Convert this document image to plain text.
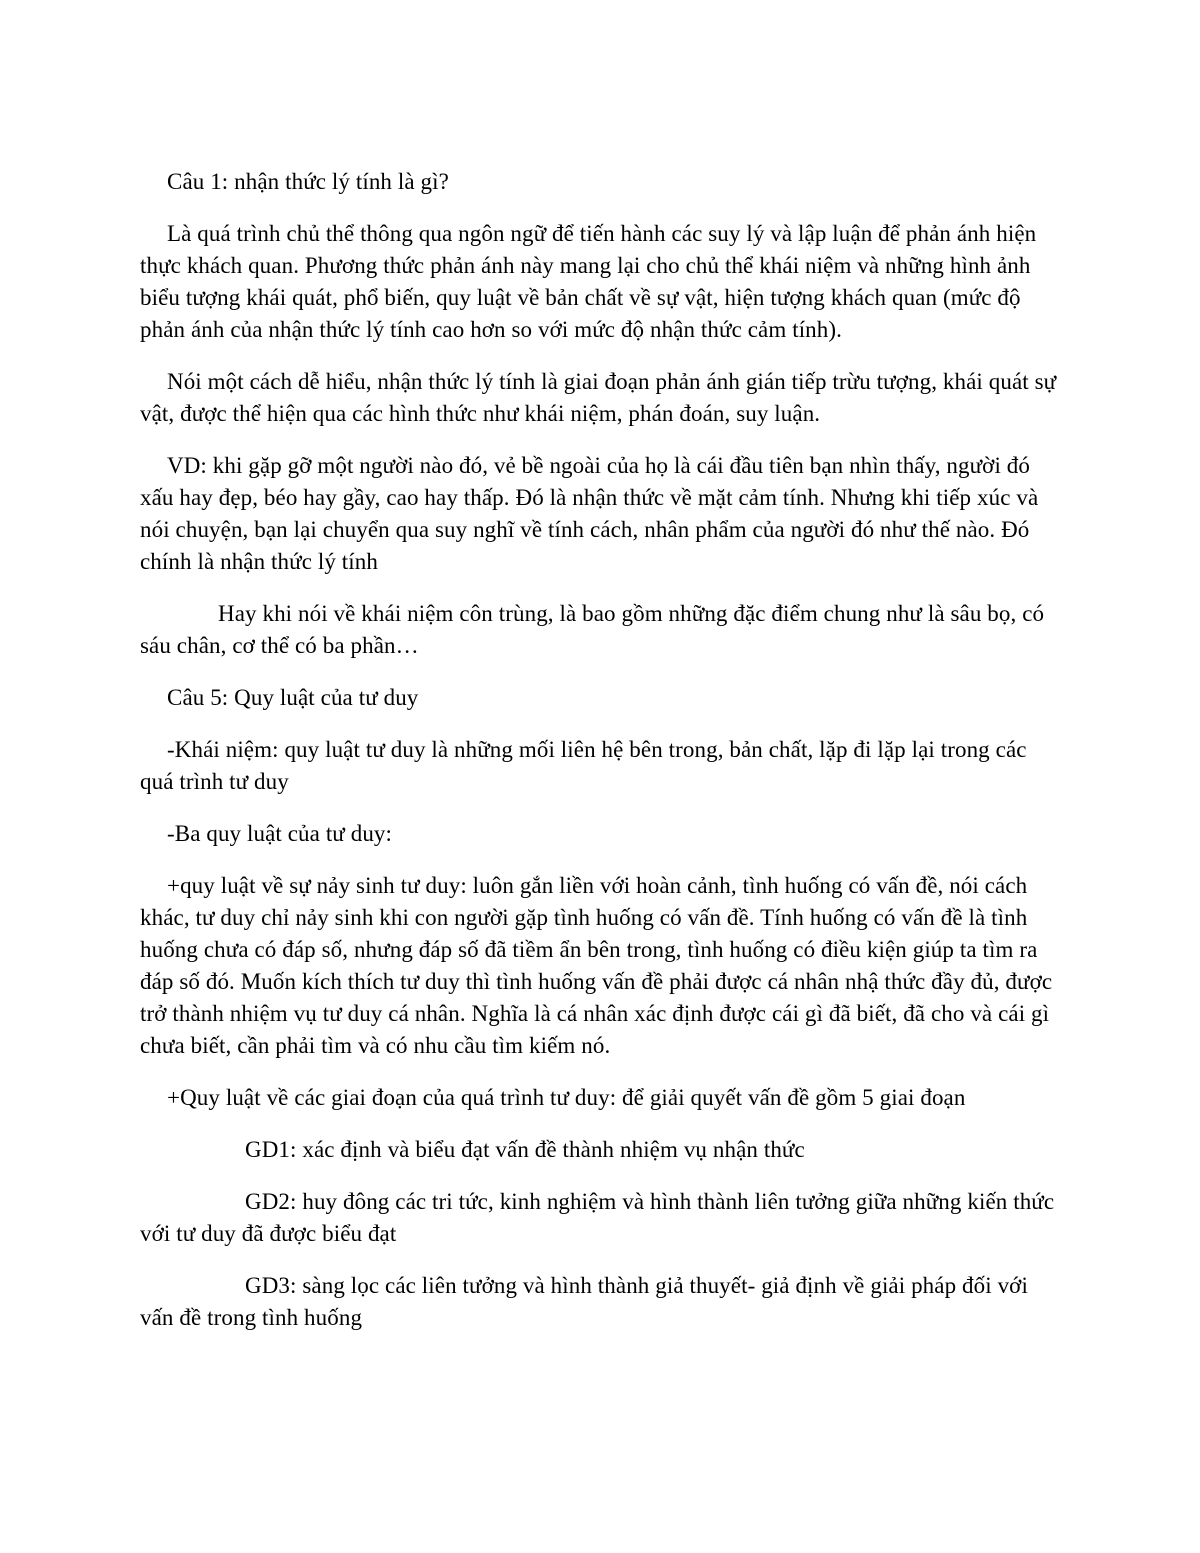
Câu 1: nhận thức lý tính là gì?

Là quá trình chủ thể thông qua ngôn ngữ để tiến hành các suy lý và lập luận để phản ánh hiện thực khách quan. Phương thức phản ánh này mang lại cho chủ thể khái niệm và những hình ảnh biểu tượng khái quát, phổ biến, quy luật về bản chất về sự vật, hiện tượng khách quan (mức độ phản ánh của nhận thức lý tính cao hơn so với mức độ nhận thức cảm tính).

Nói một cách dễ hiểu, nhận thức lý tính là giai đoạn phản ánh gián tiếp trừu tượng, khái quát sự vật, được thể hiện qua các hình thức như khái niệm, phán đoán, suy luận.

VD: khi gặp gỡ một người nào đó, vẻ bề ngoài của họ là cái đầu tiên bạn nhìn thấy, người đó xấu hay đẹp, béo hay gầy, cao hay thấp. Đó là nhận thức về mặt cảm tính. Nhưng khi tiếp xúc và nói chuyện, bạn lại chuyển qua suy nghĩ về tính cách, nhân phẩm của người đó như thế nào. Đó chính là nhận thức lý tính

Hay khi nói về khái niệm côn trùng, là bao gồm những đặc điểm chung như là sâu bọ, có sáu chân, cơ thể có ba phần…

Câu 5: Quy luật của tư duy

-Khái niệm: quy luật tư duy là những mối liên hệ bên trong, bản chất, lặp đi lặp lại trong các quá trình tư duy

-Ba quy luật của tư duy:

+quy luật về sự nảy sinh tư duy: luôn gắn liền với hoàn cảnh, tình huống có vấn đề, nói cách khác, tư duy chỉ nảy sinh khi con người gặp tình huống có vấn đề. Tính huống có vấn đề là tình huống chưa có đáp số, nhưng đáp số đã tiềm ẩn bên trong, tình huống có điều kiện giúp ta tìm ra đáp số đó. Muốn kích thích tư duy thì tình huống vấn đề phải được cá nhân nhậ thức đầy đủ, được trở thành nhiệm vụ tư duy cá nhân. Nghĩa là cá nhân xác định được cái gì đã biết, đã cho và cái gì chưa biết, cần phải tìm và có nhu cầu tìm kiếm nó.

+Quy luật về các giai đoạn của quá trình tư duy: để giải quyết vấn đề gồm 5 giai đoạn

GD1: xác định và biểu đạt vấn đề thành nhiệm vụ nhận thức

GD2: huy đông các tri tức, kinh nghiệm và hình thành liên tưởng giữa những kiến thức với tư duy đã được biểu đạt

GD3: sàng lọc các liên tưởng và hình thành giả thuyết- giả định về giải pháp đối với vấn đề trong tình huống
